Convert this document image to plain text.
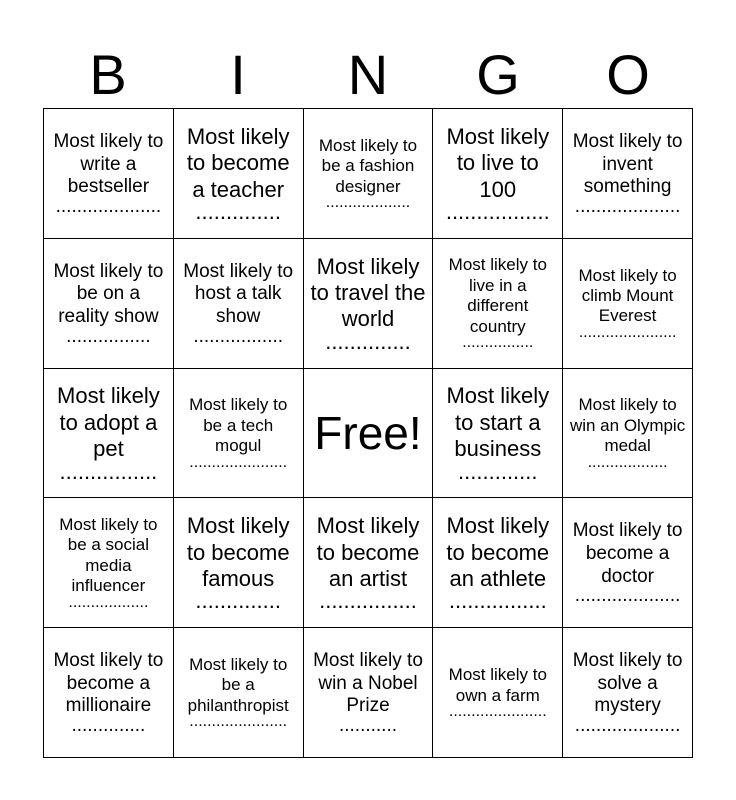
B	I	N	G	O
Most likely to write a bestseller
....................
Most likely to become a teacher
..............
Most likely to be a fashion designer
...................
Most likely to live to 100
.................
Most likely to invent something
....................
Most likely to be on a reality show
................
Most likely to host a talk show
.................
Most likely to travel the world
..............
Most likely to live in a different country
................
Most likely to climb Mount Everest
......................
Most likely to adopt a pet
................
Most likely to be a tech mogul
......................
Free!
Most likely to start a business
.............
Most likely to win an Olympic medal
..................
Most likely to be a social media influencer
..................
Most likely to become famous
..............
Most likely to become an artist
................
Most likely to become an athlete
................
Most likely to become a doctor
....................
Most likely to become a millionaire
..............
Most likely to be a philanthropist
......................
Most likely to win a Nobel Prize
...........
Most likely to own a farm
......................
Most likely to solve a mystery
....................
